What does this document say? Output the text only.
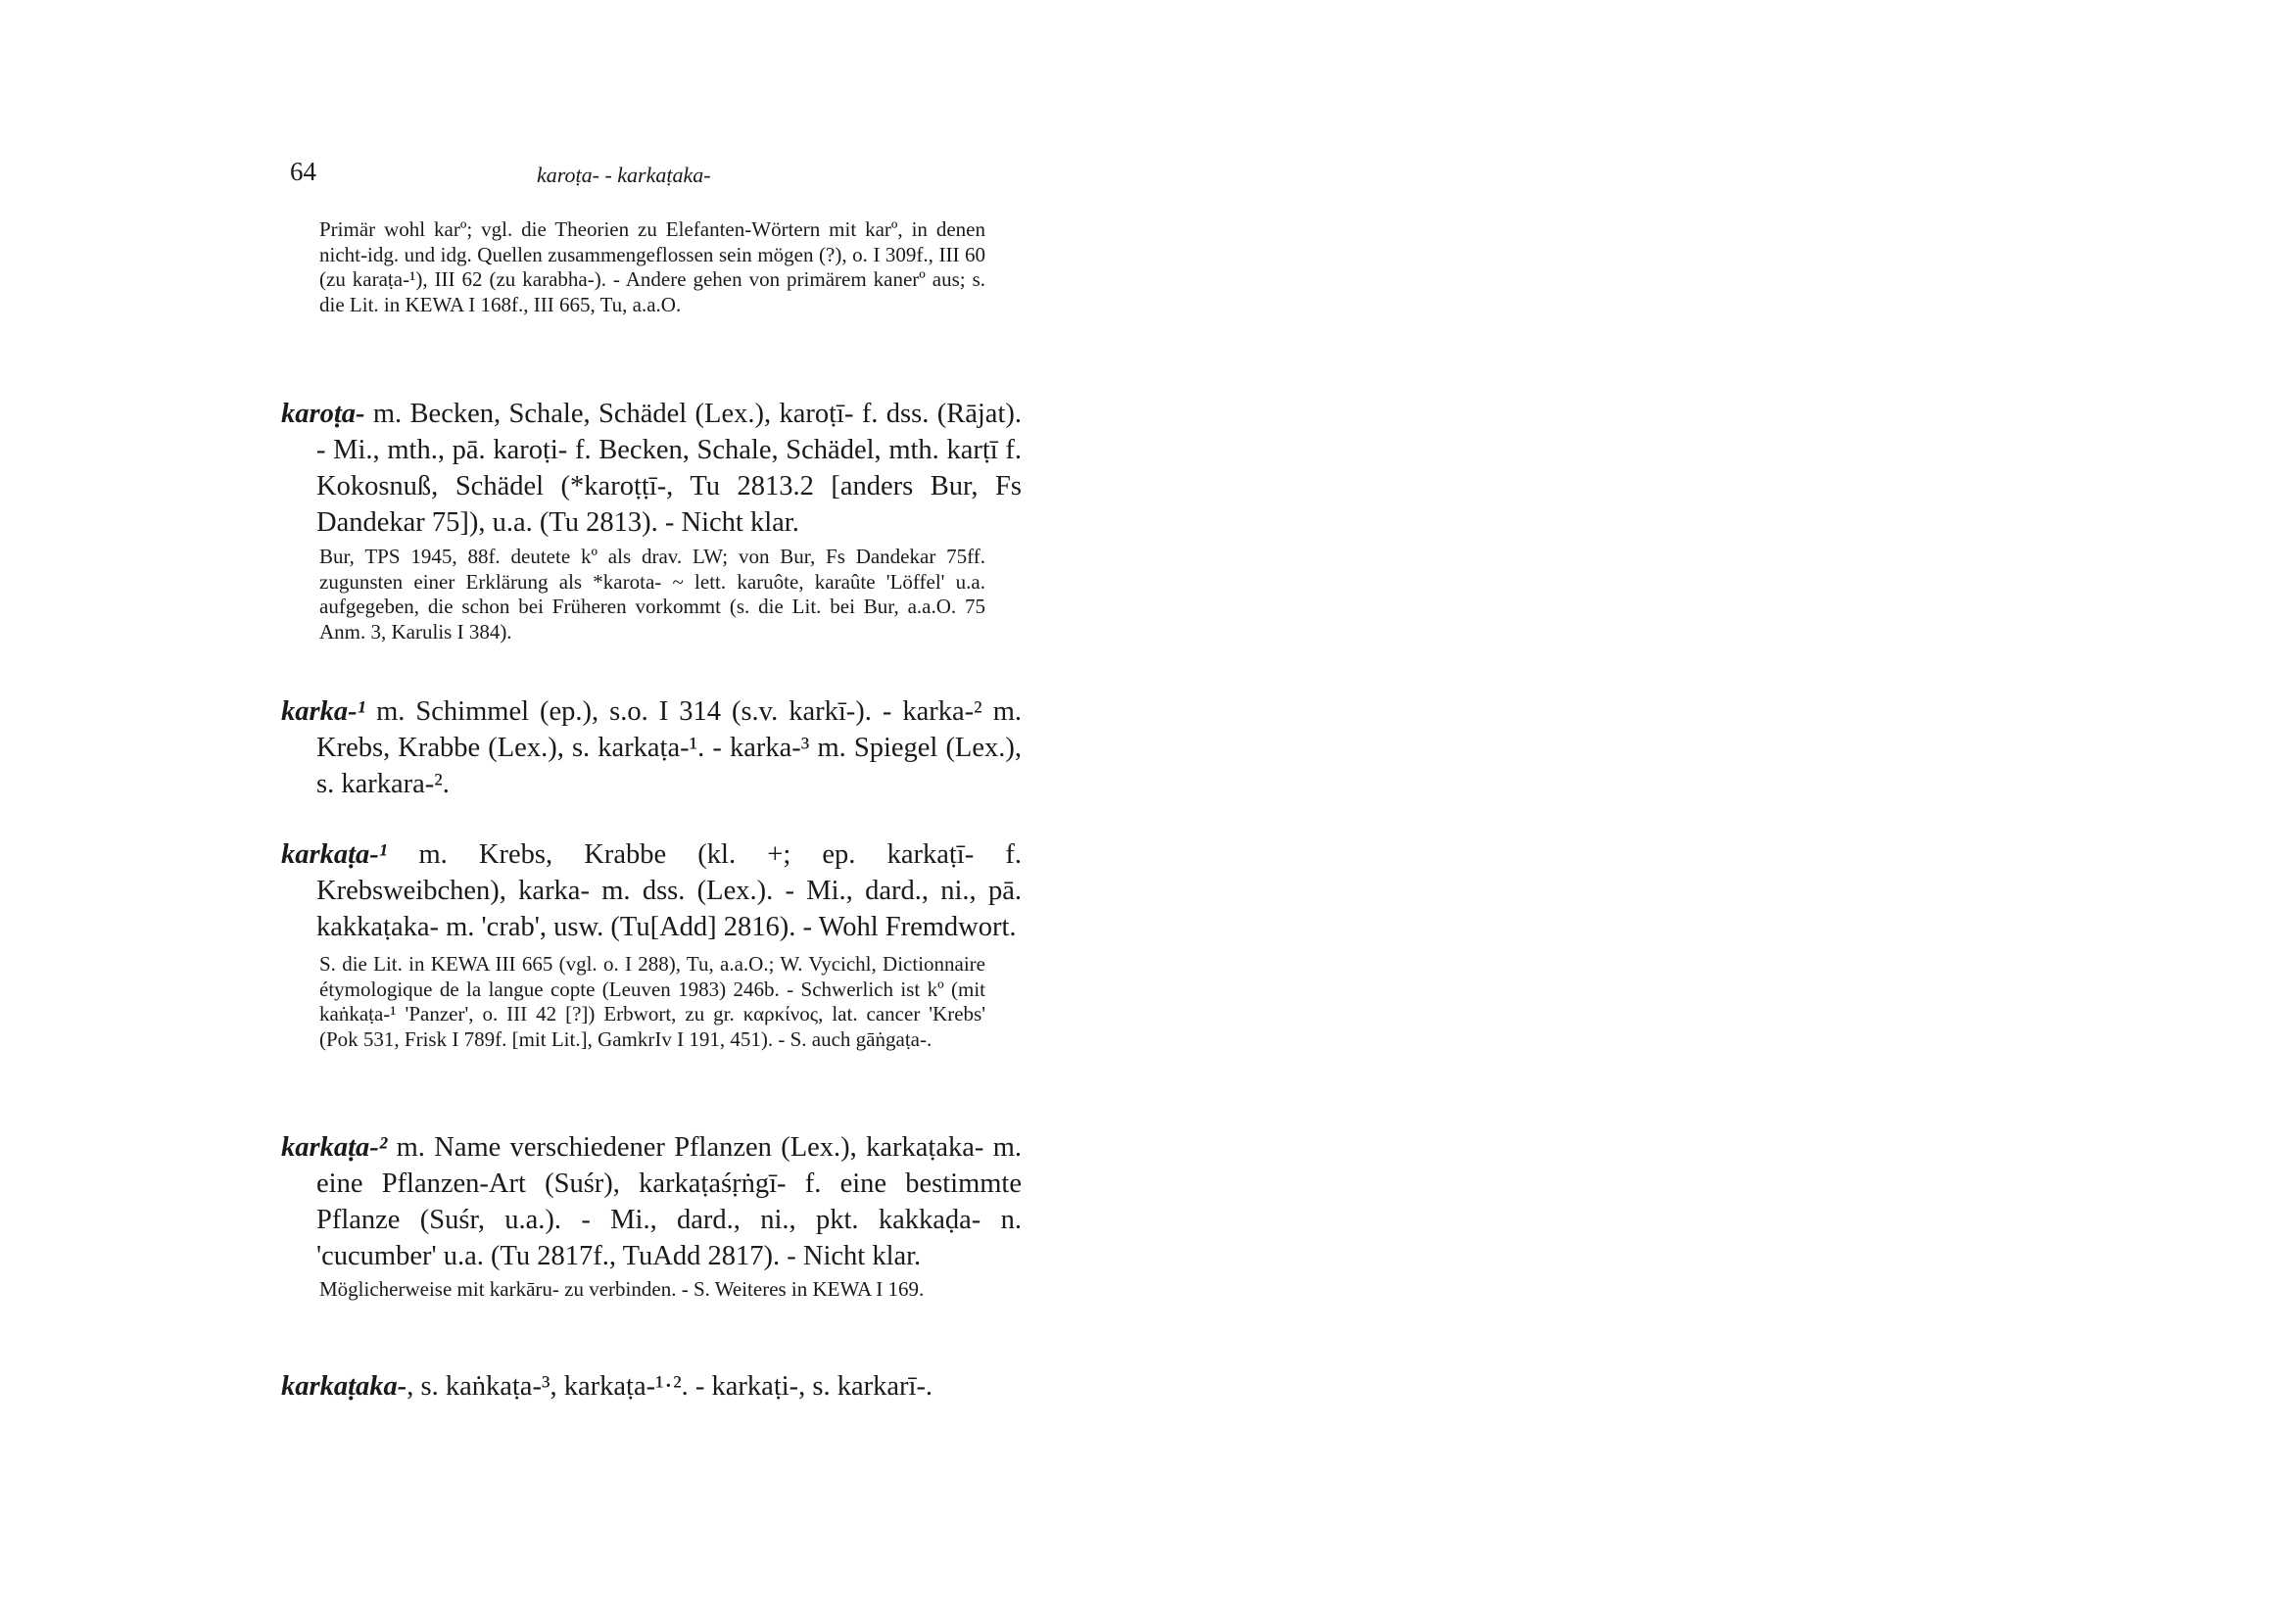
64	karoṭa- - karkaṭaka-
Primär wohl karº; vgl. die Theorien zu Elefanten-Wörtern mit karº, in denen nicht-idg. und idg. Quellen zusammengeflossen sein mögen (?), o. I 309f., III 60 (zu karaṭa-¹), III 62 (zu karabha-). - Andere gehen von primärem kanerº aus; s. die Lit. in KEWA I 168f., III 665, Tu, a.a.O.
karoṭa- m. Becken, Schale, Schädel (Lex.), karoṭī- f. dss. (Rājat). - Mi., mth., pā. karoṭi- f. Becken, Schale, Schädel, mth. karṭī f. Kokosnuß, Schädel (*karoṭṭī-, Tu 2813.2 [anders Bur, Fs Dandekar 75]), u.a. (Tu 2813). - Nicht klar.
Bur, TPS 1945, 88f. deutete kº als drav. LW; von Bur, Fs Dandekar 75ff. zugunsten einer Erklärung als *karota- ~ lett. karuôte, karaûte 'Löffel' u.a. aufgegeben, die schon bei Früheren vorkommt (s. die Lit. bei Bur, a.a.O. 75 Anm. 3, Karulis I 384).
karka-¹ m. Schimmel (ep.), s.o. I 314 (s.v. karkī-). - karka-² m. Krebs, Krabbe (Lex.), s. karkaṭa-¹. - karka-³ m. Spiegel (Lex.), s. karkara-².
karkaṭa-¹ m. Krebs, Krabbe (kl. +; ep. karkaṭī- f. Krebsweibchen), karka- m. dss. (Lex.). - Mi., dard., ni., pā. kakkaṭaka- m. 'crab', usw. (Tu[Add] 2816). - Wohl Fremdwort.
S. die Lit. in KEWA III 665 (vgl. o. I 288), Tu, a.a.O.; W. Vycichl, Dictionnaire étymologique de la langue copte (Leuven 1983) 246b. - Schwerlich ist kº (mit kaṅkaṭa-¹ 'Panzer', o. III 42 [?]) Erbwort, zu gr. καρκίνος, lat. cancer 'Krebs' (Pok 531, Frisk I 789f. [mit Lit.], GamkrIv I 191, 451). - S. auch gāṅgaṭa-.
karkaṭa-² m. Name verschiedener Pflanzen (Lex.), karkaṭaka- m. eine Pflanzen-Art (Suśr), karkaṭaśṛṅgī- f. eine bestimmte Pflanze (Suśr, u.a.). - Mi., dard., ni., pkt. kakkaḍa- n. 'cucumber' u.a. (Tu 2817f., TuAdd 2817). - Nicht klar.
Möglicherweise mit karkāru- zu verbinden. - S. Weiteres in KEWA I 169.
karkaṭaka-, s. kaṅkaṭa-³, karkaṭa-¹·². - karkaṭi-, s. karkarī-.
